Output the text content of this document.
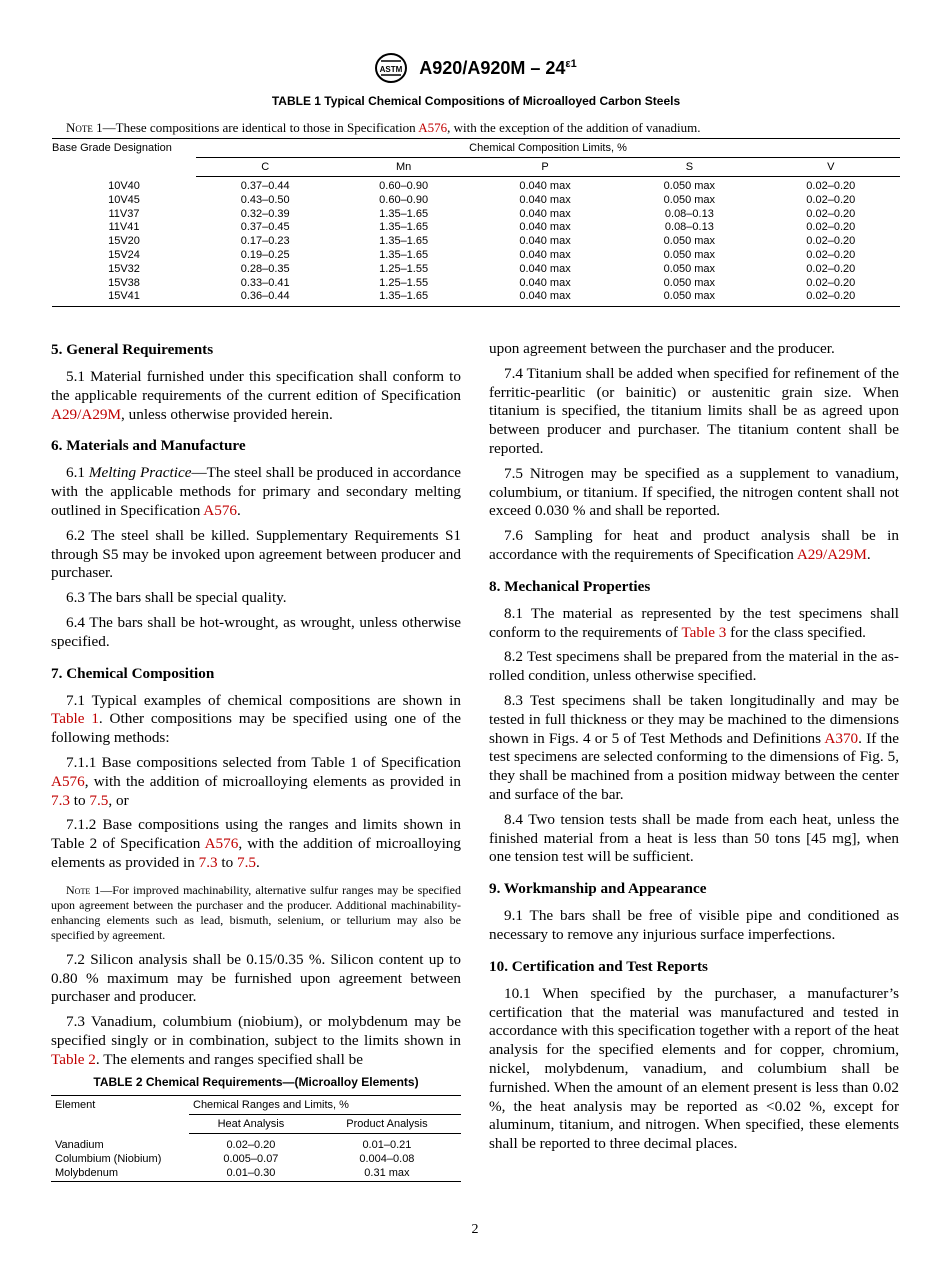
ASTM $A920/A920M - 24^{\varepsilon 1}$
TABLE 1 Typical Chemical Compositions of Microalloyed Carbon Steels
Note 1—These compositions are identical to those in Specification A576, with the exception of the addition of vanadium.
Base Grade Designation	Chemical Composition Limits, %				
	C	Mn	P	S	V
10V40	0.37–0.44	0.60–0.90	0.040 max	0.050 max	0.02–0.20
10V45	0.43–0.50	0.60–0.90	0.040 max	0.050 max	0.02–0.20
11V37	0.32–0.39	1.35–1.65	0.040 max	0.08–0.13	0.02–0.20
11V41	0.37–0.45	1.35–1.65	0.040 max	0.08–0.13	0.02–0.20
15V20	0.17–0.23	1.35–1.65	0.040 max	0.050 max	0.02–0.20
15V24	0.19–0.25	1.35–1.65	0.040 max	0.050 max	0.02–0.20
15V32	0.28–0.35	1.25–1.55	0.040 max	0.050 max	0.02–0.20
15V38	0.33–0.41	1.25–1.55	0.040 max	0.050 max	0.02–0.20
15V41	0.36–0.44	1.35–1.65	0.040 max	0.050 max	0.02–0.20
5. General Requirements

5.1 Material furnished under this specification shall conform to the applicable requirements of the current edition of Specification A29/A29M, unless otherwise provided herein.

6. Materials and Manufacture

6.1 Melting Practice—The steel shall be produced in accordance with the applicable methods for primary and secondary melting outlined in Specification A576.

6.2 The steel shall be killed. Supplementary Requirements S1 through S5 may be invoked upon agreement between producer and purchaser.

6.3 The bars shall be special quality.

6.4 The bars shall be hot-wrought, as wrought, unless otherwise specified.

7. Chemical Composition

7.1 Typical examples of chemical compositions are shown in Table 1. Other compositions may be specified using one of the following methods:

7.1.1 Base compositions selected from Table 1 of Specification A576, with the addition of microalloying elements as provided in 7.3 to 7.5, or

7.1.2 Base compositions using the ranges and limits shown in Table 2 of Specification A576, with the addition of microalloying elements as provided in 7.3 to 7.5.

Note 1—For improved machinability, alternative sulfur ranges may be specified upon agreement between the purchaser and the producer. Additional machinability-enhancing elements such as lead, bismuth, selenium, or tellurium may also be specified by agreement.

7.2 Silicon analysis shall be 0.15/0.35 %. Silicon content up to 0.80 % maximum may be furnished upon agreement between purchaser and producer.

7.3 Vanadium, columbium (niobium), or molybdenum may be specified singly or in combination, subject to the limits shown in Table 2. The elements and ranges specified shall be

TABLE 2 Chemical Requirements—(Microalloy Elements)
Element	Chemical Ranges and Limits, %	
	Heat Analysis	Product Analysis
Vanadium	0.02–0.20	0.01–0.21
Columbium (Niobium)	0.005–0.07	0.004–0.08
Molybdenum	0.01–0.30	0.31 max

upon agreement between the purchaser and the producer.

7.4 Titanium shall be added when specified for refinement of the ferritic-pearlitic (or bainitic) or austenitic grain size. When titanium is specified, the titanium limits shall be as agreed upon between producer and purchaser. The titanium content shall be reported.

7.5 Nitrogen may be specified as a supplement to vanadium, columbium, or titanium. If specified, the nitrogen content shall not exceed 0.030 % and shall be reported.

7.6 Sampling for heat and product analysis shall be in accordance with the requirements of Specification A29/A29M.

8. Mechanical Properties

8.1 The material as represented by the test specimens shall conform to the requirements of Table 3 for the class specified.

8.2 Test specimens shall be prepared from the material in the as-rolled condition, unless otherwise specified.

8.3 Test specimens shall be taken longitudinally and may be tested in full thickness or they may be machined to the dimensions shown in Figs. 4 or 5 of Test Methods and Definitions A370. If the test specimens are selected conforming to the dimensions of Fig. 5, they shall be machined from a position midway between the center and surface of the bar.

8.4 Two tension tests shall be made from each heat, unless the finished material from a heat is less than 50 tons [45 mg], when one tension test will be sufficient.

9. Workmanship and Appearance

9.1 The bars shall be free of visible pipe and conditioned as necessary to remove any injurious surface imperfections.

10. Certification and Test Reports

10.1 When specified by the purchaser, a manufacturer’s certification that the material was manufactured and tested in accordance with this specification together with a report of the heat analysis for the specified elements and for copper, chromium, nickel, molybdenum, vanadium, and columbium shall be furnished. When the amount of an element present is less than 0.02 %, the heat analysis may be reported as <0.02 %, except for aluminum, titanium, and nitrogen. When specified, these elements shall be reported to three decimal places.

2
